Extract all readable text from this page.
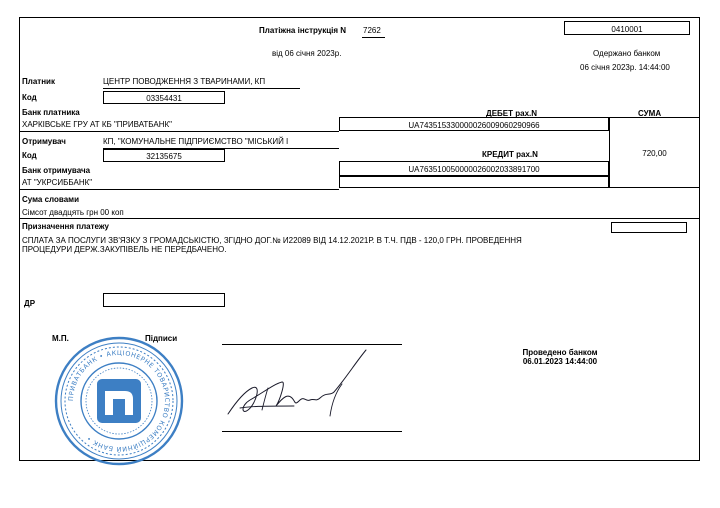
Платіжна інструкція N 7262	0410001
від 06 січня 2023р.	Одержано банком
06 січня 2023р. 14:44:00
Платник	ЦЕНТР ПОВОДЖЕННЯ З ТВАРИНАМИ, КП
Код	03354431
Банк платника
ХАРКІВСЬКЕ ГРУ АТ КБ "ПРИВАТБАНК"
ДЕБЕТ рах.N	СУМА
UA743515330000026009060290966
720,00
Отримувач	КП, "КОМУНАЛЬНЕ ПІДПРИЄМСТВО "МІСЬКИЙ І
Код	32135675
Банк отримувача
АТ "УКРСИББАНК"
КРЕДИТ рах.N
UA763510050000026002033891700
Сума словами
Сімсот двадцять грн 00 коп
Призначення платежу
СПЛАТА ЗА ПОСЛУГИ ЗВ'ЯЗКУ З ГРОМАДСЬКІСТЮ, ЗГІДНО ДОГ.№ И22089 ВІД 14.12.2021Р. В Т.Ч. ПДВ - 120,0 ГРН. ПРОВЕДЕННЯ
ПРОЦЕДУРИ ДЕРЖ.ЗАКУПІВЕЛЬ НЕ ПЕРЕДБАЧЕНО.
ДР
М.П.	Підписи
Проведено банком
06.01.2023 14:44:00
ПРИВАТБАНК • АКЦІОНЕРНЕ ТОВАРИСТВО КОМЕРЦІЙНИЙ БАНК •
